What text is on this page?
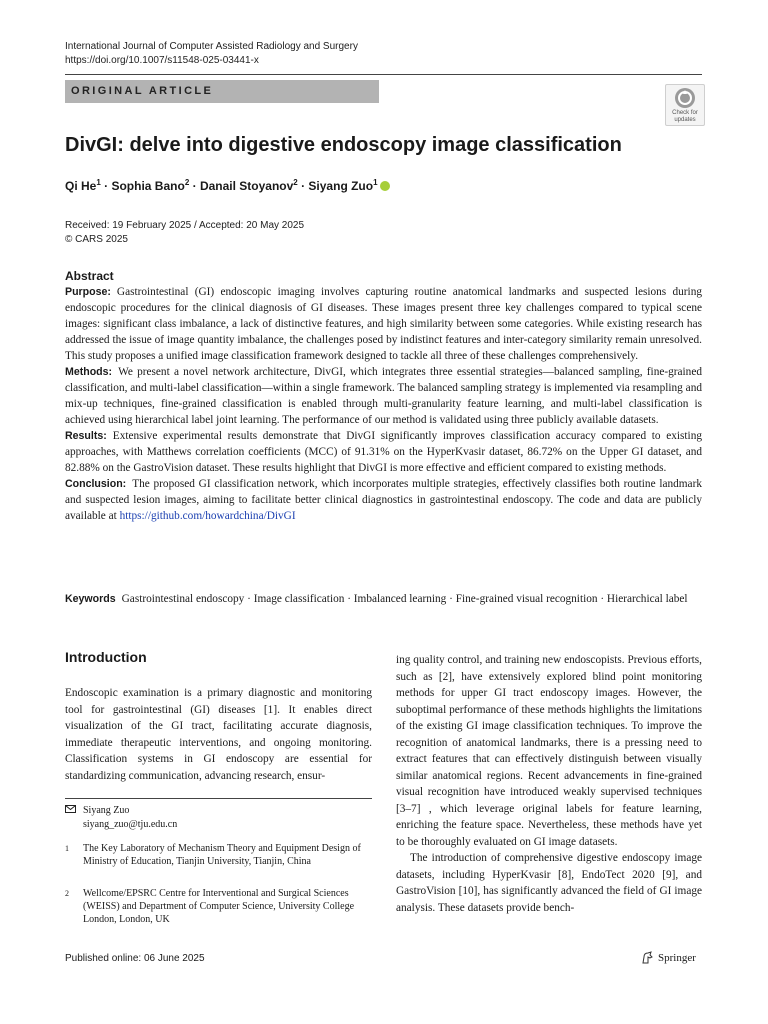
International Journal of Computer Assisted Radiology and Surgery
https://doi.org/10.1007/s11548-025-03441-x
ORIGINAL ARTICLE
Check for
updates
DivGI: delve into digestive endoscopy image classification
Qi $He^1$ · Sophia Bano$^2$ · Danail Stoyanov$^2$ · Siyang Zuo$^1$
Received: 19 February 2025 / Accepted: 20 May 2025
© CARS 2025
Abstract

Purpose: Gastrointestinal (GI) endoscopic imaging involves capturing routine anatomical landmarks and suspected lesions during endoscopic procedures for the clinical diagnosis of GI diseases. These images present three key challenges compared to typical scene images: significant class imbalance, a lack of distinctive features, and high similarity between some categories. While existing research has addressed the issue of image quantity imbalance, the challenges posed by indistinct features and inter-category similarity remain unresolved. This study proposes a unified image classification framework designed to tackle all three of these challenges comprehensively.

Methods: We present a novel network architecture, DivGI, which integrates three essential strategies—balanced sampling, fine-grained classification, and multi-label classification—within a single framework. The balanced sampling strategy is implemented via resampling and mix-up techniques, fine-grained classification is enabled through multi-granularity feature learning, and multi-label classification is achieved using hierarchical label joint learning. The performance of our method is validated using three publicly available datasets.

Results: Extensive experimental results demonstrate that DivGI significantly improves classification accuracy compared to existing approaches, with Matthews correlation coefficients (MCC) of 91.31% on the HyperKvasir dataset, 86.72% on the Upper GI dataset, and 82.88% on the GastroVision dataset. These results highlight that DivGI is more effective and efficient compared to existing methods.

Conclusion: The proposed GI classification network, which incorporates multiple strategies, effectively classifies both routine landmark and suspected lesion images, aiming to facilitate better clinical diagnostics in gastrointestinal endoscopy. The code and data are publicly available at https://github.com/howardchina/DivGI

Keywords Gastrointestinal endoscopy · Image classification · Imbalanced learning · Fine-grained visual recognition · Hierarchical label
Introduction

Endoscopic examination is a primary diagnostic and monitoring tool for gastrointestinal (GI) diseases [1]. It enables direct visualization of the GI tract, facilitating accurate diagnosis, immediate therapeutic interventions, and ongoing monitoring. Classification systems in GI endoscopy are essential for standardizing communication, advancing research, ensur-

ing quality control, and training new endoscopists. Previous efforts, such as [2], have extensively explored blind point monitoring methods for upper GI tract endoscopy images. However, the suboptimal performance of these methods highlights the limitations of the existing GI image classification techniques. To improve the recognition of anatomical landmarks, there is a pressing need to extract features that can effectively distinguish between visually similar anatomical regions. Recent advancements in fine-grained visual recognition have introduced weakly supervised techniques [3–7] , which leverage original labels for feature learning, enriching the feature space. Nevertheless, these methods have yet to be thoroughly evaluated on GI image datasets.

The introduction of comprehensive digestive endoscopy image datasets, including HyperKvasir [8], EndoTect 2020 [9], and GastroVision [10], has significantly advanced the field of GI image analysis. These datasets provide bench-

Siyang Zuo
siyang_zuo@tju.edu.cn
1	The Key Laboratory of Mechanism Theory and Equipment Design of Ministry of Education, Tianjin University, Tianjin, China
2	Wellcome/EPSRC Centre for Interventional and Surgical Sciences (WEISS) and Department of Computer Science, University College London, London, UK
Published online: 06 June 2025	Springer
